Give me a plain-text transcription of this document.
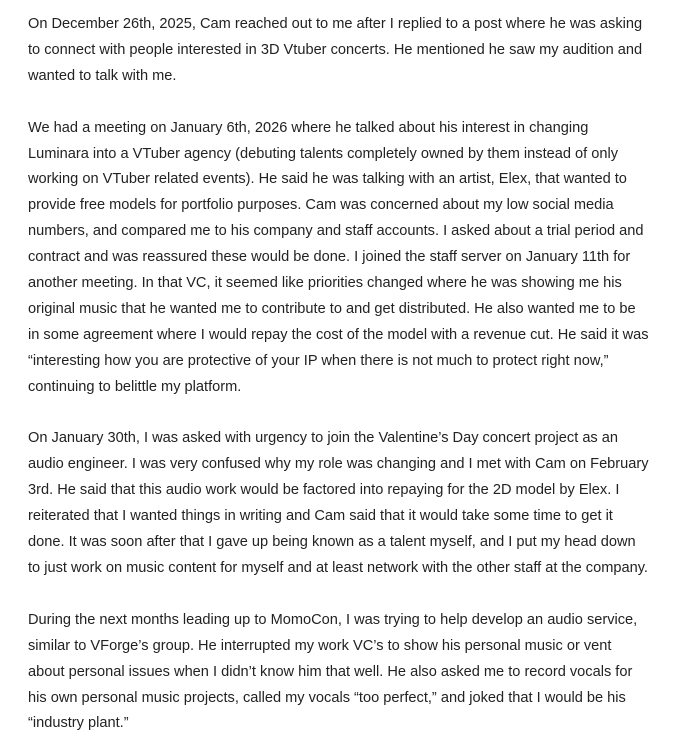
On December 26th, 2025, Cam reached out to me after I replied to a post where he was asking
to connect with people interested in 3D Vtuber concerts. He mentioned he saw my audition and
wanted to talk with me.

We had a meeting on January 6th, 2026 where he talked about his interest in changing
Luminara into a VTuber agency (debuting talents completely owned by them instead of only
working on VTuber related events). He said he was talking with an artist, Elex, that wanted to
provide free models for portfolio purposes. Cam was concerned about my low social media
numbers, and compared me to his company and staff accounts. I asked about a trial period and
contract and was reassured these would be done. I joined the staff server on January 11th for
another meeting. In that VC, it seemed like priorities changed where he was showing me his
original music that he wanted me to contribute to and get distributed. He also wanted me to be
in some agreement where I would repay the cost of the model with a revenue cut. He said it was
“interesting how you are protective of your IP when there is not much to protect right now,”
continuing to belittle my platform.

On January 30th, I was asked with urgency to join the Valentine’s Day concert project as an
audio engineer. I was very confused why my role was changing and I met with Cam on February
3rd. He said that this audio work would be factored into repaying for the 2D model by Elex. I
reiterated that I wanted things in writing and Cam said that it would take some time to get it
done. It was soon after that I gave up being known as a talent myself, and I put my head down
to just work on music content for myself and at least network with the other staff at the company.

During the next months leading up to MomoCon, I was trying to help develop an audio service,
similar to VForge’s group. He interrupted my work VC’s to show his personal music or vent
about personal issues when I didn’t know him that well. He also asked me to record vocals for
his own personal music projects, called my vocals “too perfect,” and joked that I would be his
“industry plant.”
